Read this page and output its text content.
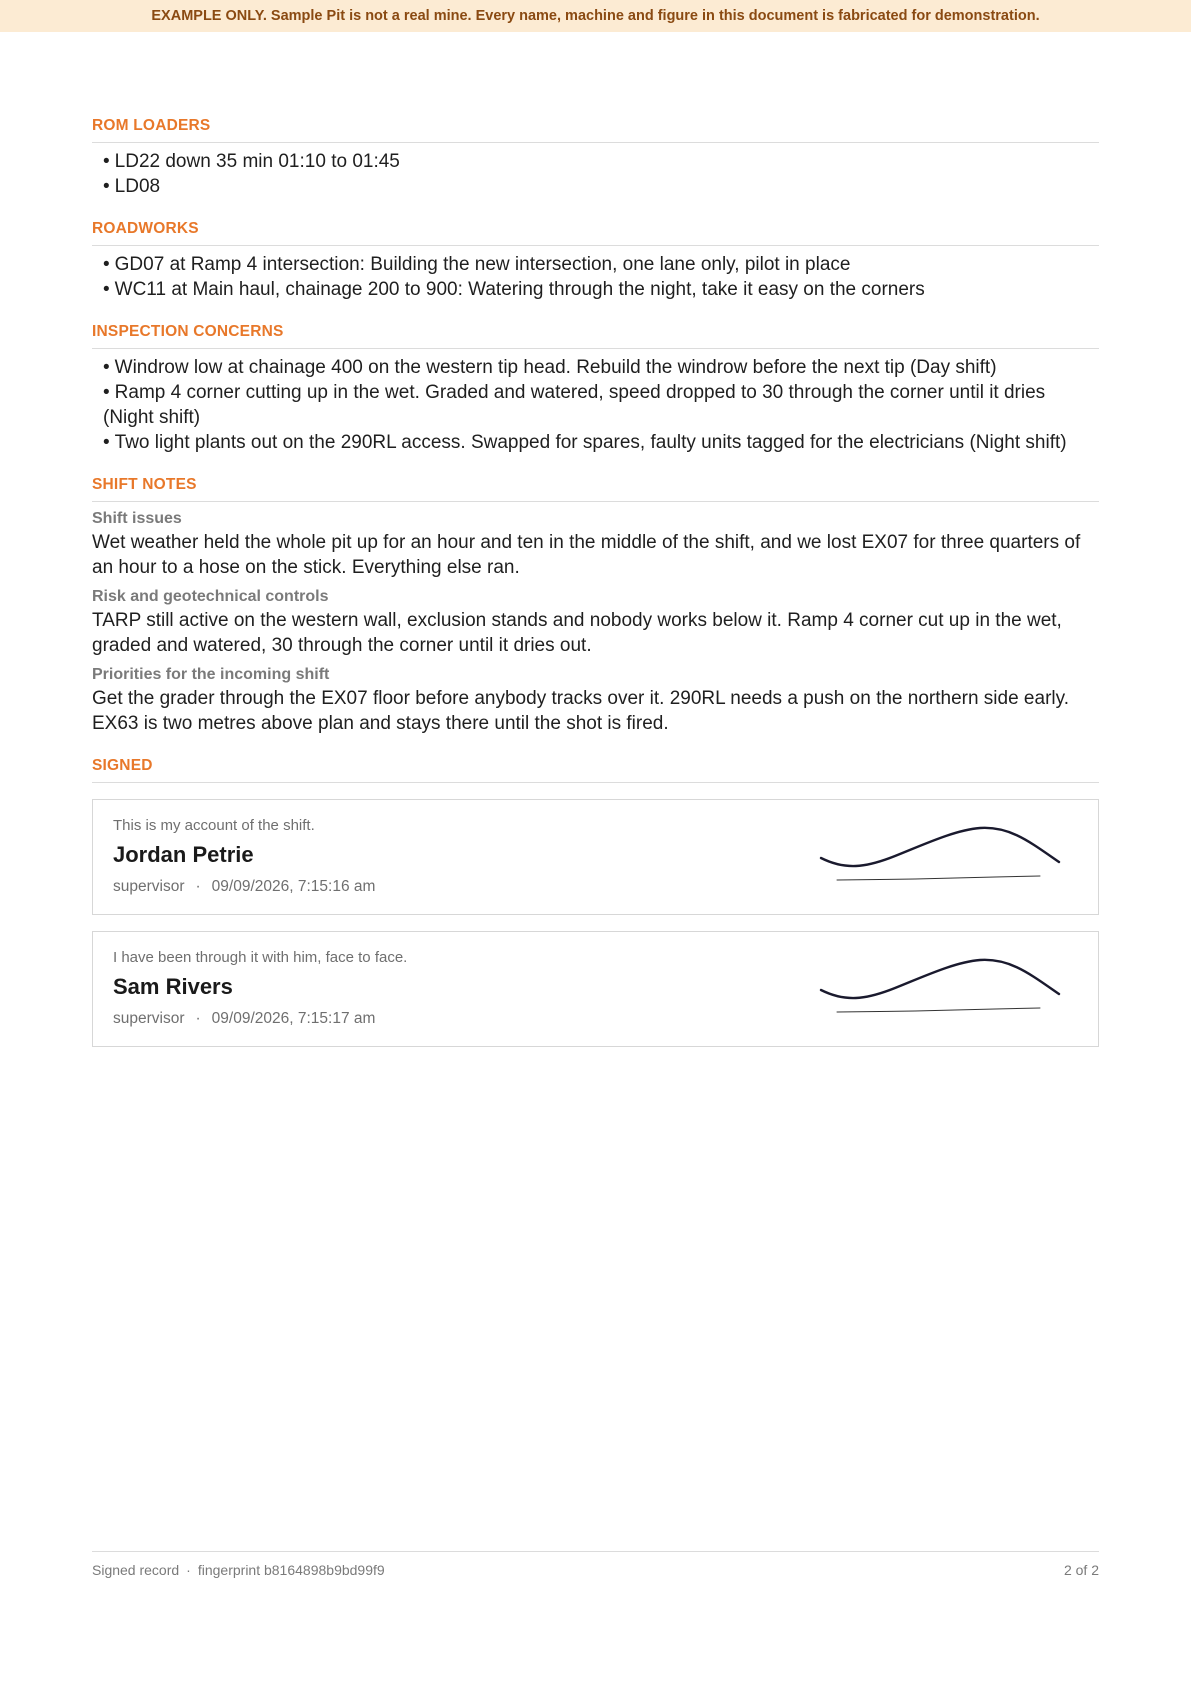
EXAMPLE ONLY. Sample Pit is not a real mine. Every name, machine and figure in this document is fabricated for demonstration.
ROM LOADERS
• LD22 down 35 min 01:10 to 01:45
• LD08
ROADWORKS
• GD07 at Ramp 4 intersection: Building the new intersection, one lane only, pilot in place
• WC11 at Main haul, chainage 200 to 900: Watering through the night, take it easy on the corners
INSPECTION CONCERNS
• Windrow low at chainage 400 on the western tip head. Rebuild the windrow before the next tip (Day shift)
• Ramp 4 corner cutting up in the wet. Graded and watered, speed dropped to 30 through the corner until it dries (Night shift)
• Two light plants out on the 290RL access. Swapped for spares, faulty units tagged for the electricians (Night shift)
SHIFT NOTES
Shift issues

Wet weather held the whole pit up for an hour and ten in the middle of the shift, and we lost EX07 for three quarters of an hour to a hose on the stick. Everything else ran.

Risk and geotechnical controls

TARP still active on the western wall, exclusion stands and nobody works below it. Ramp 4 corner cut up in the wet, graded and watered, 30 through the corner until it dries out.

Priorities for the incoming shift

Get the grader through the EX07 floor before anybody tracks over it. 290RL needs a push on the northern side early. EX63 is two metres above plan and stays there until the shot is fired.

SIGNED
This is my account of the shift.
Jordan Petrie
supervisor · 09/09/2026, 7:15:16 am
I have been through it with him, face to face.
Sam Rivers
supervisor · 09/09/2026, 7:15:17 am
Signed record · fingerprint b8164898b9bd99f9	2 of 2
